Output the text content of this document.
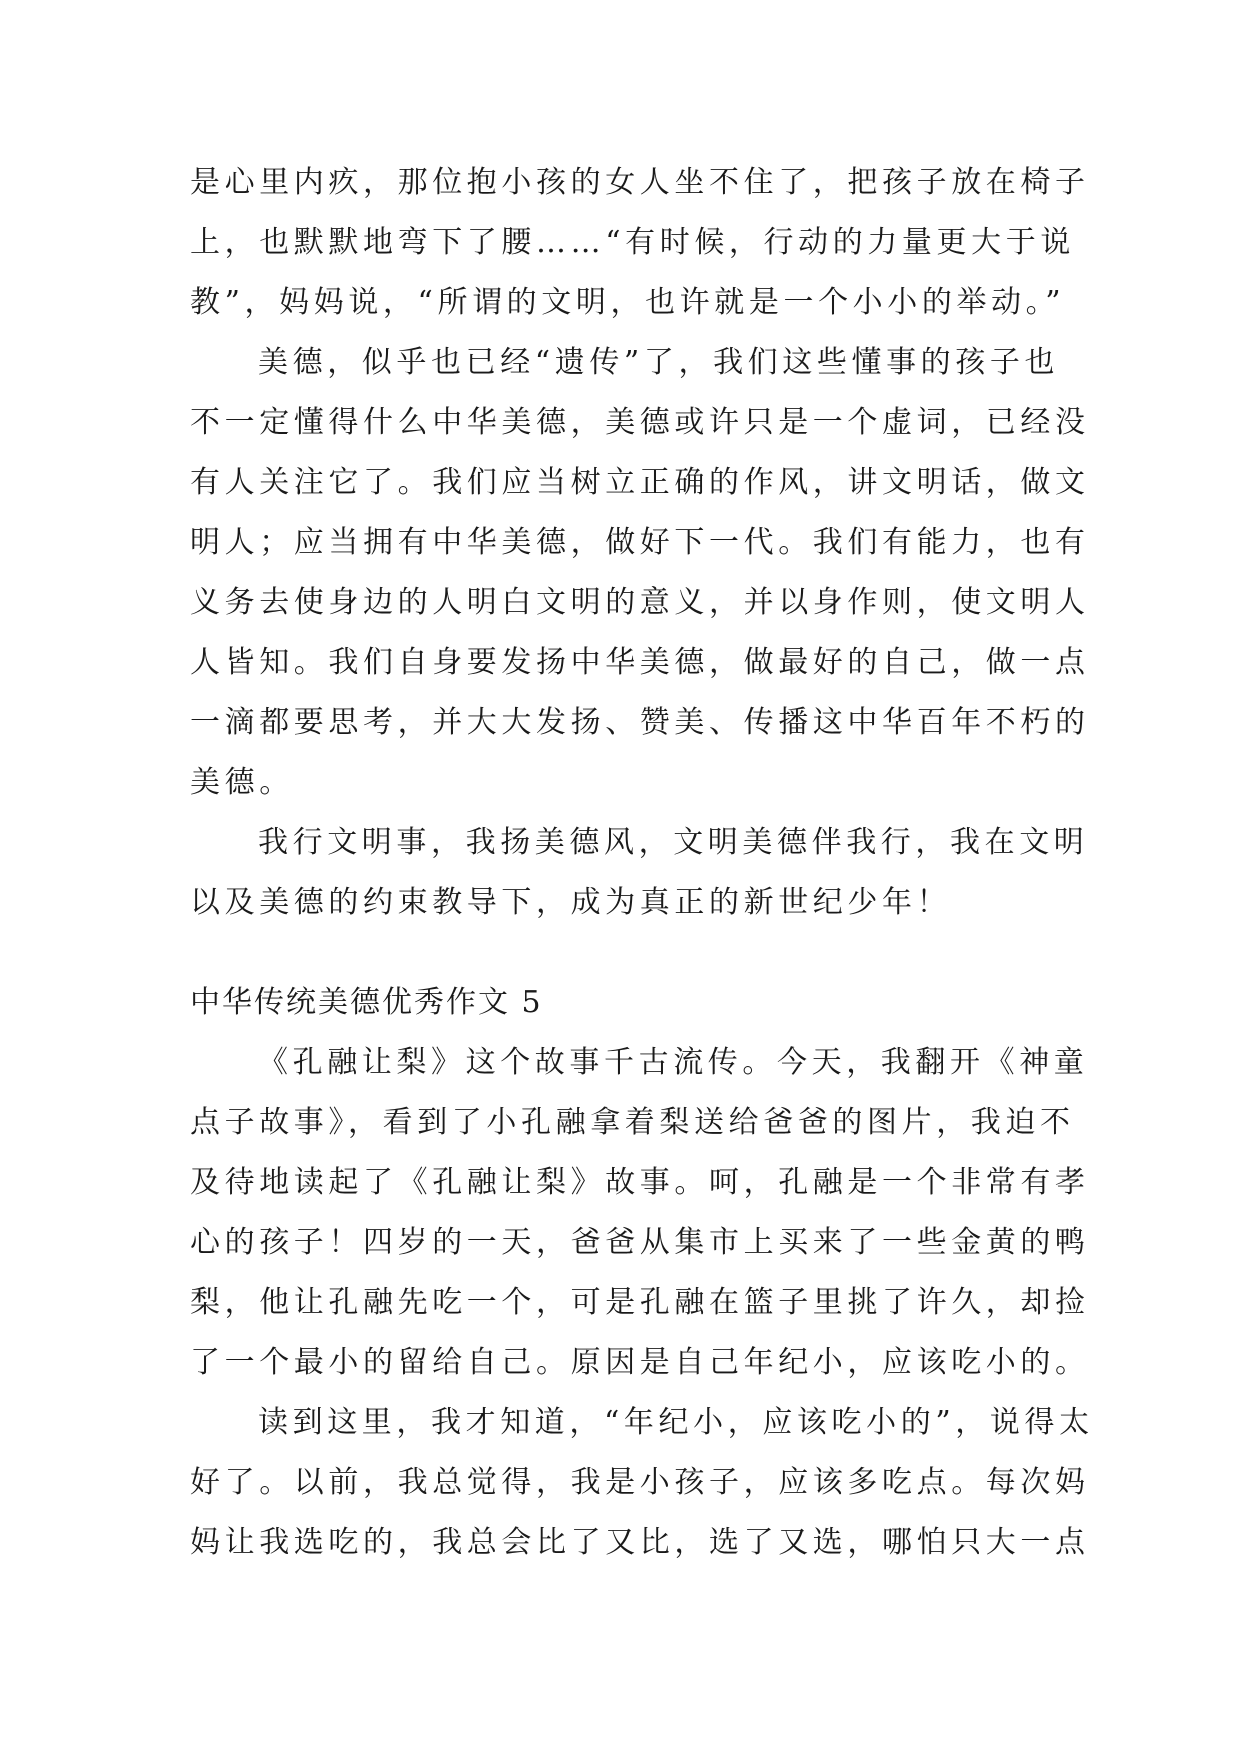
是心里内疚，那位抱小孩的女人坐不住了，把孩子放在椅子
上，也默默地弯下了腰……“有时候，行动的力量更大于说
教”，妈妈说，“所谓的文明，也许就是一个小小的举动。”
美德，似乎也已经“遗传”了，我们这些懂事的孩子也
不一定懂得什么中华美德，美德或许只是一个虚词，已经没
有人关注它了。我们应当树立正确的作风，讲文明话，做文
明人；应当拥有中华美德，做好下一代。我们有能力，也有
义务去使身边的人明白文明的意义，并以身作则，使文明人
人皆知。我们自身要发扬中华美德，做最好的自己，做一点
一滴都要思考，并大大发扬、赞美、传播这中华百年不朽的
美德。
我行文明事，我扬美德风，文明美德伴我行，我在文明
以及美德的约束教导下，成为真正的新世纪少年！
中华传统美德优秀作文 5
《孔融让梨》这个故事千古流传。今天，我翻开《神童
点子故事》，看到了小孔融拿着梨送给爸爸的图片，我迫不
及待地读起了《孔融让梨》故事。呵，孔融是一个非常有孝
心的孩子！四岁的一天，爸爸从集市上买来了一些金黄的鸭
梨，他让孔融先吃一个，可是孔融在篮子里挑了许久，却捡
了一个最小的留给自己。原因是自己年纪小，应该吃小的。
读到这里，我才知道，“年纪小，应该吃小的”，说得太
好了。以前，我总觉得，我是小孩子，应该多吃点。每次妈
妈让我选吃的，我总会比了又比，选了又选，哪怕只大一点
